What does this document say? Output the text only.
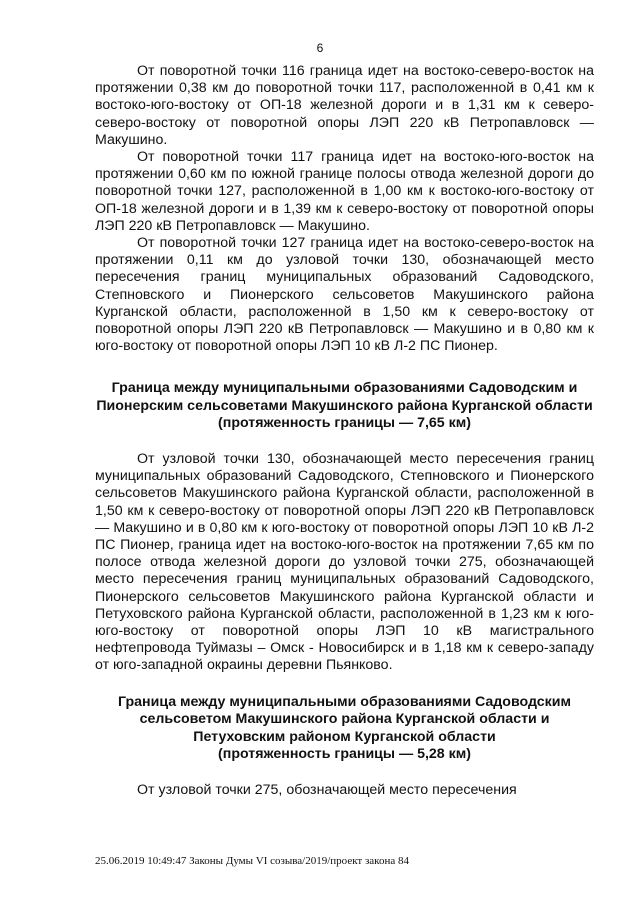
6

От поворотной точки 116 граница идет на востоко-северо-восток на протяжении 0,38 км до поворотной точки 117, расположенной в 0,41 км к востоко-юго-востоку от ОП-18 железной дороги и в 1,31 км к северо-северо-востоку от поворотной опоры ЛЭП 220 кВ Петропавловск — Макушино.

От поворотной точки 117 граница идет на востоко-юго-восток на протяжении 0,60 км по южной границе полосы отвода железной дороги до поворотной точки 127, расположенной в 1,00 км к востоко-юго-востоку от ОП-18 железной дороги и в 1,39 км к северо-востоку от поворотной опоры ЛЭП 220 кВ Петропавловск — Макушино.

От поворотной точки 127 граница идет на востоко-северо-восток на протяжении 0,11 км до узловой точки 130, обозначающей место пересечения границ муниципальных образований Садоводского, Степновского и Пионерского сельсоветов Макушинского района Курганской области, расположенной в 1,50 км к северо-востоку от поворотной опоры ЛЭП 220 кВ Петропавловск — Макушино и в 0,80 км к юго-востоку от поворотной опоры ЛЭП 10 кВ Л-2 ПС Пионер.

Граница между муниципальными образованиями Садоводским и Пионерским сельсоветами Макушинского района Курганской области
(протяженность границы — 7,65 км)

От узловой точки 130, обозначающей место пересечения границ муниципальных образований Садоводского, Степновского и Пионерского сельсоветов Макушинского района Курганской области, расположенной в 1,50 км к северо-востоку от поворотной опоры ЛЭП 220 кВ Петропавловск — Макушино и в 0,80 км к юго-востоку от поворотной опоры ЛЭП 10 кВ Л-2 ПС Пионер, граница идет на востоко-юго-восток на протяжении 7,65 км по полосе отвода железной дороги до узловой точки 275, обозначающей место пересечения границ муниципальных образований Садоводского, Пионерского сельсоветов Макушинского района Курганской области и Петуховского района Курганской области, расположенной в 1,23 км к юго-юго-востоку от поворотной опоры ЛЭП 10 кВ магистрального нефтепровода Туймазы – Омск - Новосибирск и в 1,18 км к северо-западу от юго-западной окраины деревни Пьянково.

Граница между муниципальными образованиями Садоводским сельсоветом Макушинского района Курганской области и Петуховским районом Курганской области
(протяженность границы — 5,28 км)

От узловой точки 275, обозначающей место пересечения

25.06.2019 10:49:47 Законы Думы VI созыва/2019/проект закона 84
